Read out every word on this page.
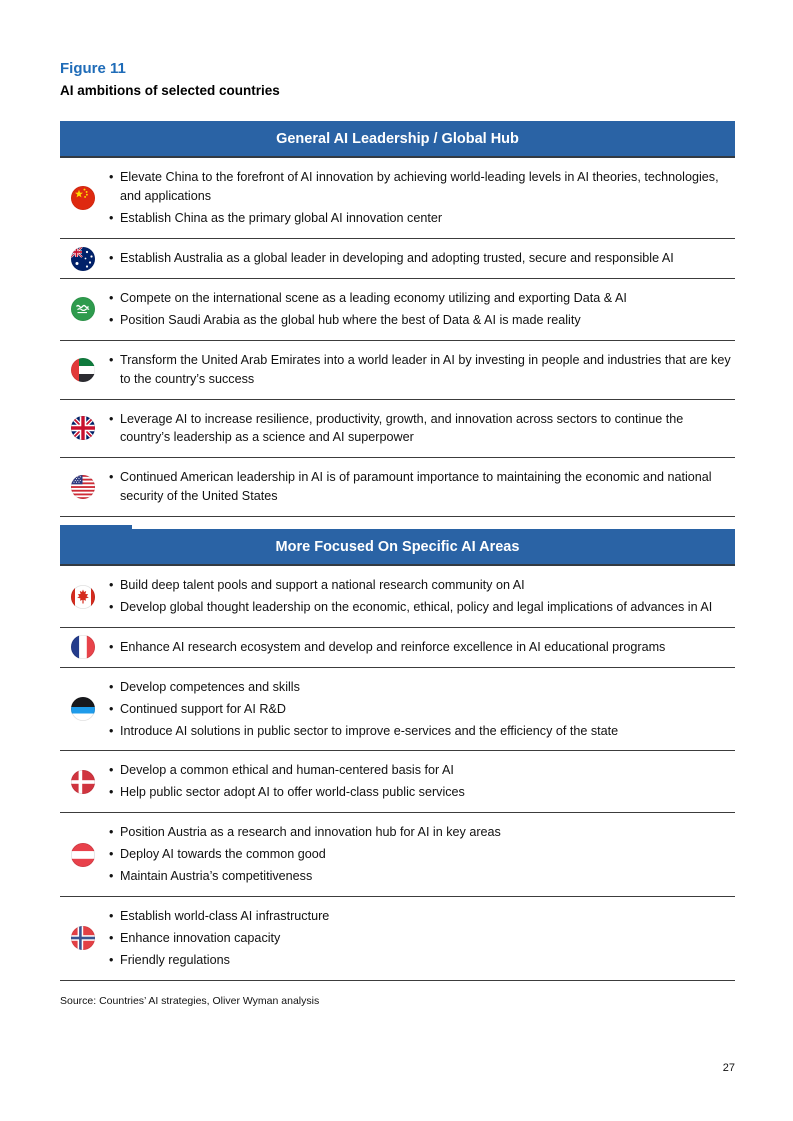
Figure 11
AI ambitions of selected countries
General AI Leadership / Global Hub
• Elevate China to the forefront of AI innovation by achieving world-leading levels in AI theories, technologies, and applications
• Establish China as the primary global AI innovation center
• Establish Australia as a global leader in developing and adopting trusted, secure and responsible AI
• Compete on the international scene as a leading economy utilizing and exporting Data & AI
• Position Saudi Arabia as the global hub where the best of Data & AI is made reality
• Transform the United Arab Emirates into a world leader in AI by investing in people and industries that are key to the country’s success
• Leverage AI to increase resilience, productivity, growth, and innovation across sectors to continue the country’s leadership as a science and AI superpower
• Continued American leadership in AI is of paramount importance to maintaining the economic and national security of the United States
More Focused On Specific AI Areas
• Build deep talent pools and support a national research community on AI
• Develop global thought leadership on the economic, ethical, policy and legal implications of advances in AI
• Enhance AI research ecosystem and develop and reinforce excellence in AI educational programs
• Develop competences and skills
• Continued support for AI R&D
• Introduce AI solutions in public sector to improve e-services and the efficiency of the state
• Develop a common ethical and human-centered basis for AI
• Help public sector adopt AI to offer world-class public services
• Position Austria as a research and innovation hub for AI in key areas
• Deploy AI towards the common good
• Maintain Austria’s competitiveness
• Establish world-class AI infrastructure
• Enhance innovation capacity
• Friendly regulations
Source: Countries’ AI strategies, Oliver Wyman analysis
27
